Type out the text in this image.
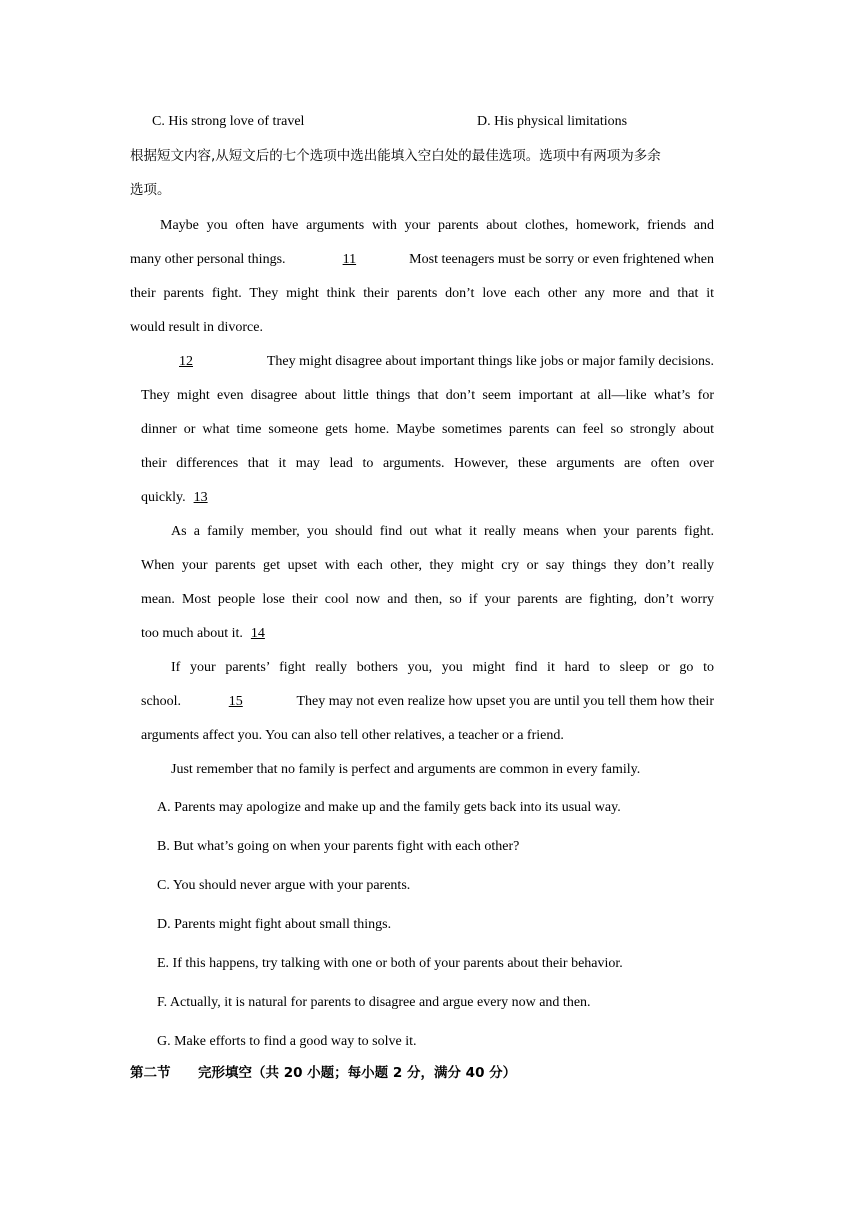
C. His strong love of travel	D. His physical limitations
根据短文内容,从短文后的七个选项中选出能填入空白处的最佳选项。选项中有两项为多余
选项。
Maybe you often have arguments with your parents about clothes, homework, friends and
many other personal things.	11	Most teenagers must be sorry or even frightened when
their parents fight. They might think their parents don’t love each other any more and that it
would result in divorce.
12	They might disagree about important things like jobs or major family decisions.
They might even disagree about little things that don’t seem important at all—like what’s for
dinner or what time someone gets home. Maybe sometimes parents can feel so strongly about
their differences that it may lead to arguments. However, these arguments are often over
quickly. 13
As a family member, you should find out what it really means when your parents fight.
When your parents get upset with each other, they might cry or say things they don’t really
mean. Most people lose their cool now and then, so if your parents are fighting, don’t worry
too much about it. 14
If your parents’ fight really bothers you, you might find it hard to sleep or go to
school.	15	They may not even realize how upset you are until you tell them how their
arguments affect you. You can also tell other relatives, a teacher or a friend.
Just remember that no family is perfect and arguments are common in every family.
A. Parents may apologize and make up and the family gets back into its usual way.
B. But what’s going on when your parents fight with each other?
C. You should never argue with your parents.
D. Parents might fight about small things.
E. If this happens, try talking with one or both of your parents about their behavior.
F. Actually, it is natural for parents to disagree and argue every now and then.
G. Make efforts to find a good way to solve it.
第二节 完形填空（共 20 小题；每小题 2 分，满分 40 分）
